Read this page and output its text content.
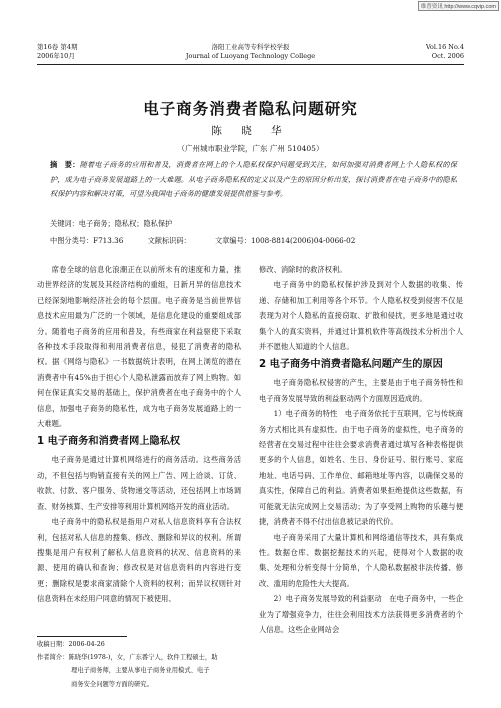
维普资讯 http://www.cqvip.com
第16卷 第4期
2006年10月
洛阳工业高等专科学校学报
Journal of Luoyang Technology College
Vol.16 No.4
Oct. 2006
电子商务消费者隐私问题研究
陈 晓 华
（广州城市职业学院，广东 广州 510405）
摘　要：随着电子商务的应用和普及，消费者在网上的个人隐私权保护问题受到关注，如何加强对消费者网上个人隐私权的保护，成为电子商务发展道路上的一大难题。从电子商务隐私权的定义以及产生的原因分析出发，探讨消费者在电子商务中的隐私权保护内容和解决对策，可望为我国电子商务的健康发展提供借鉴与参考。
关键词：电子商务；隐私权；隐私保护
中图分类号：F713.36	文献标识码：	文章编号：1008-8814(2006)04-0066-02

席卷全球的信息化浪潮正在以前所未有的速度和力量，推动世界经济的发展及其经济结构的重组，日新月异的信息技术已经深刻地影响经济社会的每个层面。电子商务是当前世界信息技术应用最为广泛的一个领域，是信息化建设的重要组成部分。随着电子商务的应用和普及，有些商家在利益驱使下采取各种技术手段取得和利用消费者信息，侵犯了消费者的隐私权。据《网络与隐私》一书数据统计表明，在网上浏览的潜在消费者中有45%由于担心个人隐私泄露而放弃了网上购物。如何在保证真实交易的基础上，保护消费者在电子商务中的个人信息，加强电子商务的隐私性，成为电子商务发展道路上的一大难题。

1 电子商务和消费者网上隐私权

电子商务是通过计算机网络进行的商务活动。这些商务活动，不但包括与购销直接有关的网上广告、网上洽谈、订货、收款、付款、客户服务、货物递交等活动，还包括网上市场调查、财务核算、生产安排等利用计算机网络开发的商业活动。

电子商务中的隐私权是指用户对私人信息资料享有合法权利，包括对私人信息的搜集、修改、删除和异议的权利。所谓搜集是用户有权利了解私人信息资料的状况、信息资料的来源、使用的确认和查询；修改权是对信息资料的内容进行变更；删除权是要求商家清除个人资料的权利；而异议权则针对信息资料在未经用户同意的情况下被使用、

修改、消除时的救济权利。

电子商务中的隐私权保护涉及到对个人数据的收集、传递、存储和加工利用等各个环节。个人隐私权受到侵害不仅是表现为对个人隐私的直接窃取、扩散和侵扰，更多地是通过收集个人的真实资料，并通过计算机软件等高级技术分析出个人并不愿他人知道的个人信息。

2 电子商务中消费者隐私问题产生的原因

电子商务隐私权侵害的产生，主要是由于电子商务特性和电子商务发展导致的利益驱动两个方面原因造成的。

1）电子商务的特性　电子商务依托于互联网，它与传统商务方式相比具有虚拟性。由于电子商务的虚拟性，电子商务的经营者在交易过程中往往会要求消费者通过填写各种表格提供更多的个人信息，如姓名、生日、身份证号、银行账号、家庭地址、电话号码、工作单位、邮箱地址等内容，以确保交易的真实性，保障自己的利益。消费者如果拒绝提供这些数据，有可能就无法完成网上交易活动；为了享受网上购物的乐趣与便捷，消费者不得不付出信息被记录的代价。

电子商务采用了大量计算机和网络通信等技术，具有集成性。数据仓库、数据挖掘技术的兴起，使得对个人数据的收集、处理和分析变得十分简单，个人隐私数据被非法传播、修改、滥用的危险性大大提高。

2）电子商务发展导致的利益驱动　在电子商务中，一些企业为了增强竞争力，往往会利用技术方法获得更多消费者的个人信息。这些企业网站会

收稿日期：2006-04-26
作者简介：陈晓华(1978-)，女，广东番宁人，软件工程硕士，助
理电子商务师，主要从事电子商务业用模式、电子
商务安全问题等方面的研究。
